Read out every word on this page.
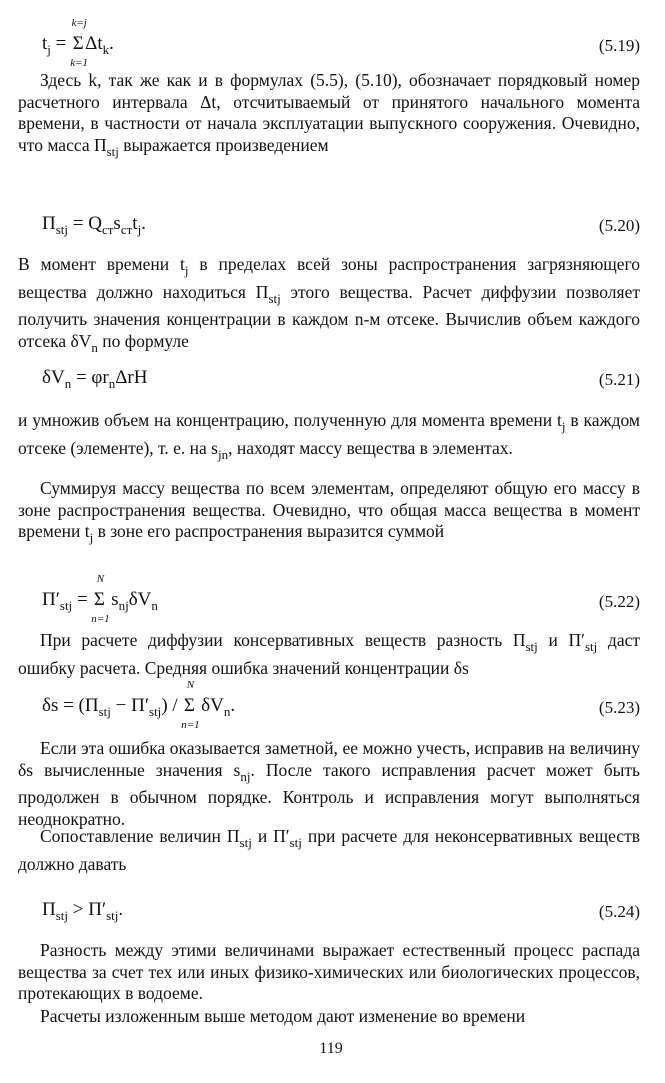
$t_j$ =
k=j
Σ
k=1
$\Delta t_k$.	(5.19)

Здесь k, так же как и в формулах (5.5), (5.10), обозначает порядковый номер расчетного интервала Δt, отсчитываемый от принятого начального момента времени, в частности от начала эксплуатации выпускного сооружения. Очевидно, что масса $П_{stj}$ выражается произведением

$П_{stj} = Q_{ст}s_{ст}t_j$.	(5.20)

В момент времени $t_j$ в пределах всей зоны распространения загрязняющего вещества должно находиться $П_{stj}$ этого вещества. Расчет диффузии позволяет получить значения концентрации в каждом n-м отсеке. Вычислив объем каждого отсека $\delta V_n$ по формуле

$\delta V_n = \varphi r_n\Delta rH$	(5.21)

и умножив объем на концентрацию, полученную для момента времени $t_j$ в каждом отсеке (элементе), т. е. на $s_{jn}$, находят массу вещества в элементах.

Суммируя массу вещества по всем элементам, определяют общую его массу в зоне распространения вещества. Очевидно, что общая масса вещества в момент времени $t_j$ в зоне его распространения выразится суммой

$П'_{stj}$ =
N
Σ
n=1
$s_{nj}\delta V_n$	(5.22)

При расчете диффузии консервативных веществ разность $П_{stj}$ и $П'_{stj}$ даст ошибку расчета. Средняя ошибка значений концентрации δs

$\delta s = (П_{stj} - П'_{stj})$ /
N
Σ
n=1
$\delta V_n$.	(5.23)

Если эта ошибка оказывается заметной, ее можно учесть, исправив на величину δs вычисленные значения $s_{nj}$. После такого исправления расчет может быть продолжен в обычном порядке. Контроль и исправления могут выполняться неоднократно.

Сопоставление величин $П_{stj}$ и $П'_{stj}$ при расчете для неконсервативных веществ должно давать

$П_{stj} > П'_{stj}$.	(5.24)

Разность между этими величинами выражает естественный процесс распада вещества за счет тех или иных физико-химических или биологических процессов, протекающих в водоеме.

Расчеты изложенным выше методом дают изменение во времени

119
